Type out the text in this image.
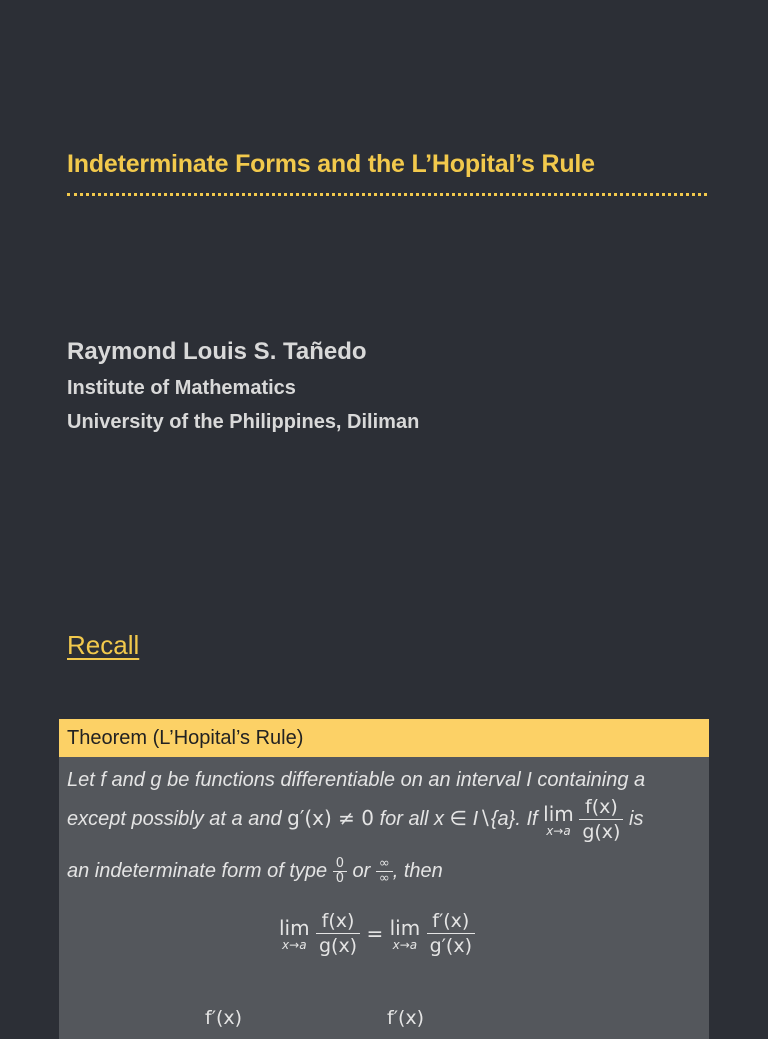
Indeterminate Forms and the L’Hopital’s Rule
Raymond Louis S. Tañedo
Institute of Mathematics
University of the Philippines, Diliman
Recall
Theorem (L’Hopital’s Rule)
Let f and g be functions differentiable on an interval I containing a
except possibly at a and g′(x) ≠ 0 for all x ∈ I∖{a}. If lim
x→a
$\frac{f(x)}{g(x)}$ is
an indeterminate form of type $\frac{0}{0}$ or $\frac{\infty}{\infty}$ , then
lim
x→a
$\frac{f(x)}{g(x)} = \lim$
x→a
$\frac{f'(x)}{g'(x)}$
f′(x)	f′(x)
